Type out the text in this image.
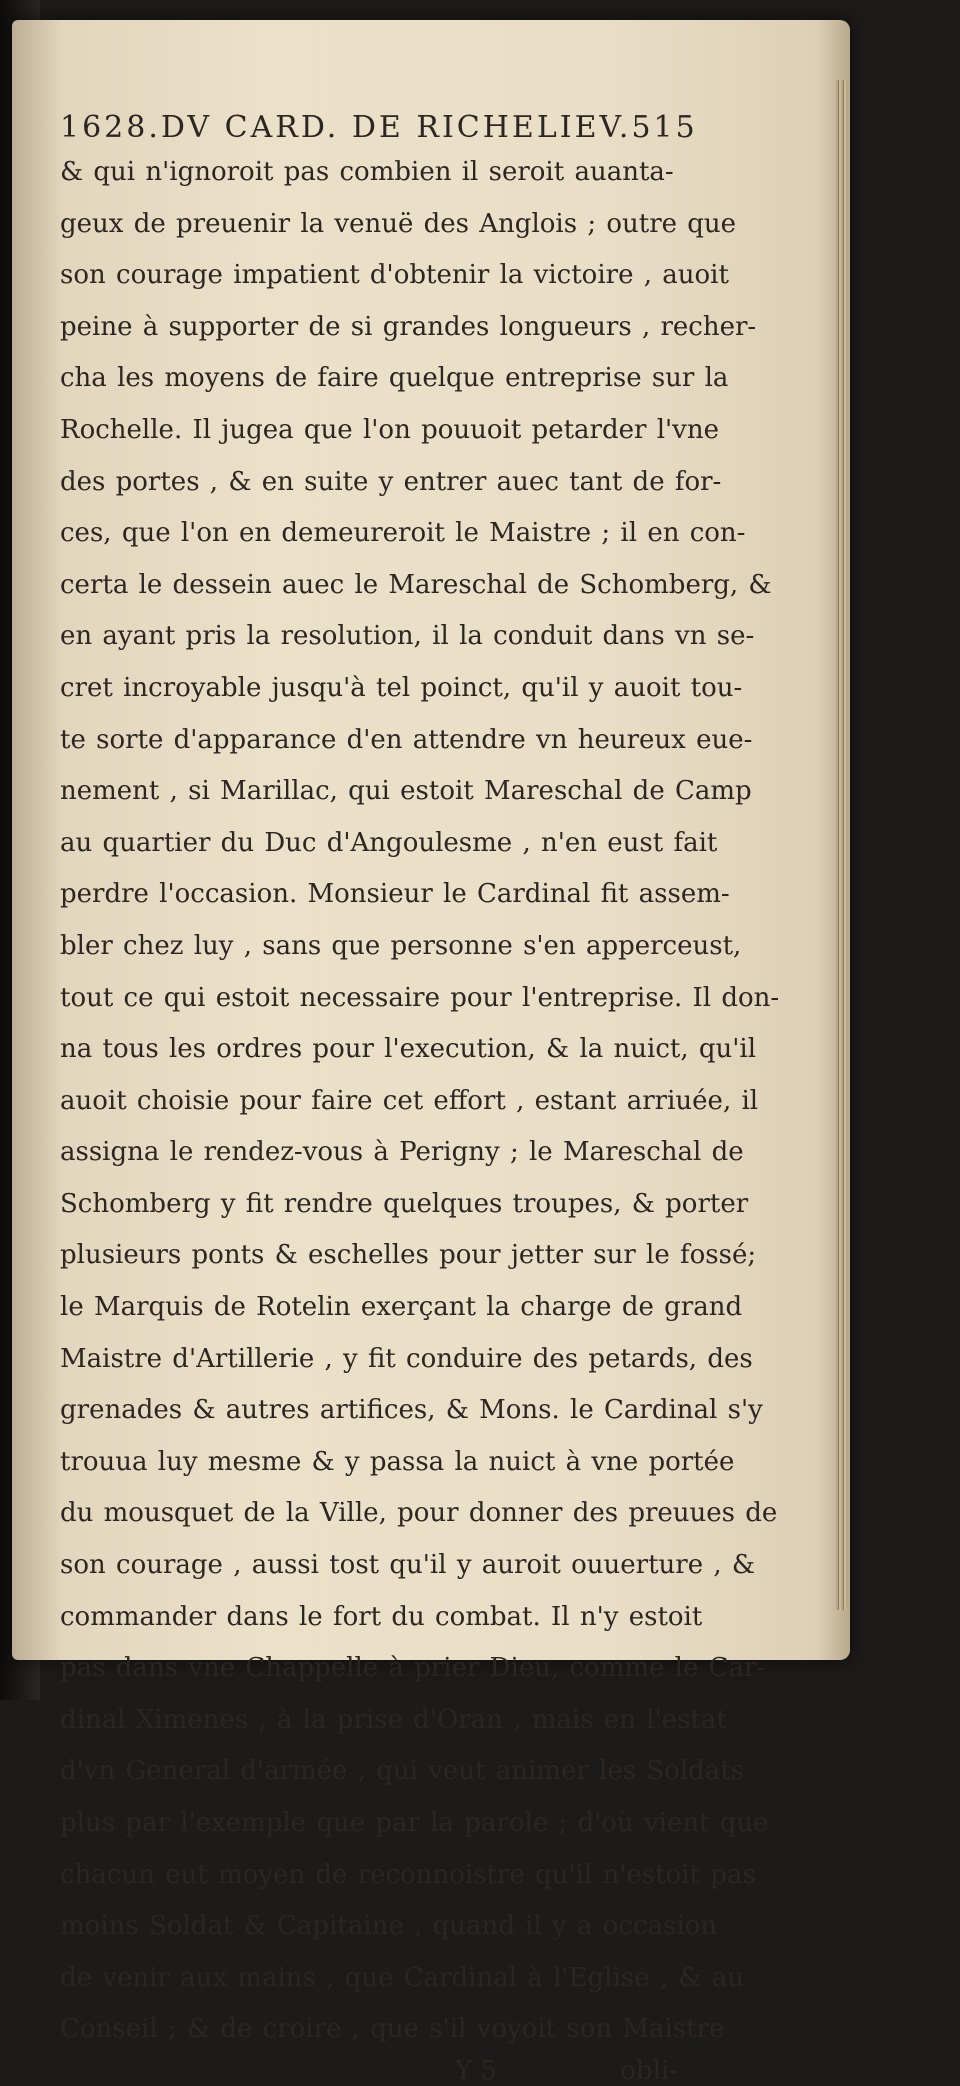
1628. DV CARD. DE RICHELIEV. 515
& qui n'ignoroit pas combien il seroit auanta-
geux de preuenir la venuë des Anglois ; outre que
son courage impatient d'obtenir la victoire , auoit
peine à supporter de si grandes longueurs , recher-
cha les moyens de faire quelque entreprise sur la
Rochelle. Il jugea que l'on pouuoit petarder l'vne
des portes , & en suite y entrer auec tant de for-
ces, que l'on en demeureroit le Maistre ; il en con-
certa le dessein auec le Mareschal de Schomberg, &
en ayant pris la resolution, il la conduit dans vn se-
cret incroyable jusqu'à tel poinct, qu'il y auoit tou-
te sorte d'apparance d'en attendre vn heureux eue-
nement , si Marillac, qui estoit Mareschal de Camp
au quartier du Duc d'Angoulesme , n'en eust fait
perdre l'occasion. Monsieur le Cardinal fit assem-
bler chez luy , sans que personne s'en apperceust,
tout ce qui estoit necessaire pour l'entreprise. Il don-
na tous les ordres pour l'execution, & la nuict, qu'il
auoit choisie pour faire cet effort , estant arriuée, il
assigna le rendez-vous à Perigny ; le Mareschal de
Schomberg y fit rendre quelques troupes, & porter
plusieurs ponts & eschelles pour jetter sur le fossé;
le Marquis de Rotelin exerçant la charge de grand
Maistre d'Artillerie , y fit conduire des petards, des
grenades & autres artifices, & Mons. le Cardinal s'y
trouua luy mesme & y passa la nuict à vne portée
du mousquet de la Ville, pour donner des preuues de
son courage , aussi tost qu'il y auroit ouuerture , &
commander dans le fort du combat. Il n'y estoit
pas dans vne Chappelle à prier Dieu, comme le Car-
dinal Ximenes , à la prise d'Oran , mais en l'estat
d'vn General d'armée , qui veut animer les Soldats
plus par l'exemple que par la parole ; d'où vient que
chacun eut moyen de reconnoistre qu'il n'estoit pas
moins Soldat & Capitaine , quand il y a occasion
de venir aux mains , que Cardinal à l'Eglise , & au
Conseil ; & de croire , que s'il voyoit son Maistre
Y 5	obli-
